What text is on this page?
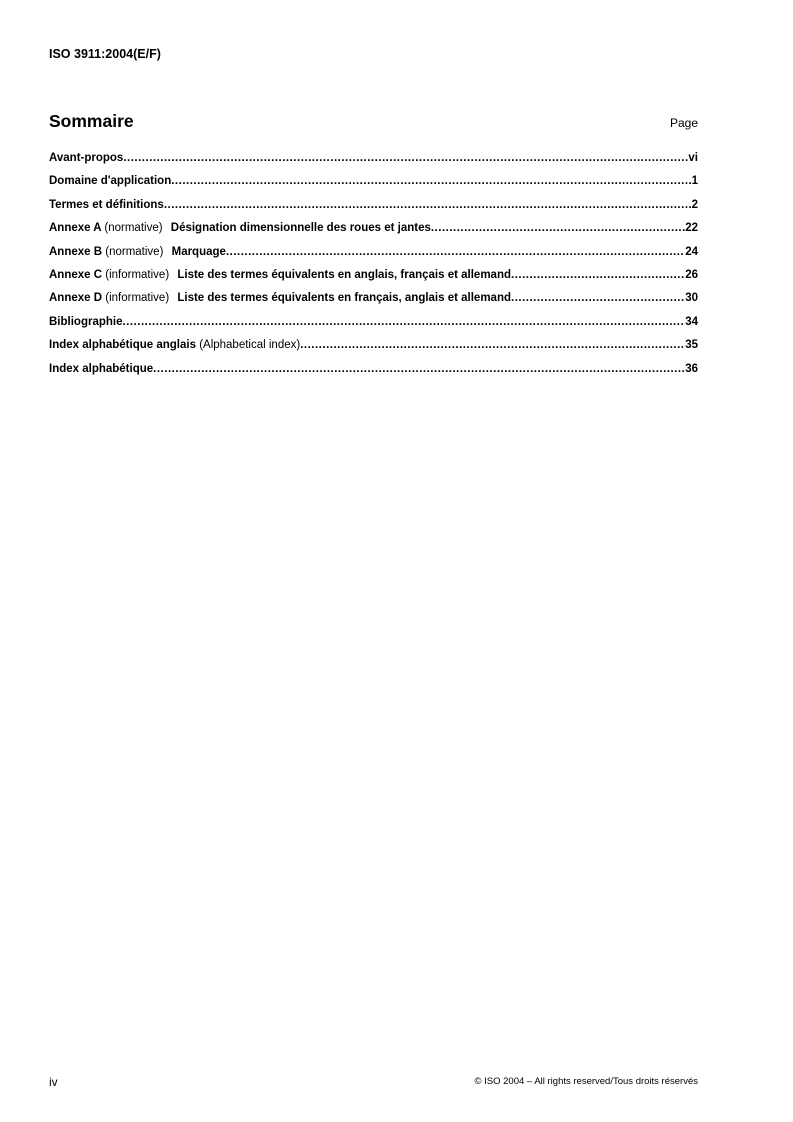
ISO 3911:2004(E/F)
Sommaire	Page
Avant-propos .....	vi
Domaine d'application .....	1
Termes et définitions .....	2
Annexe A (normative) Désignation dimensionnelle des roues et jantes .....	22
Annexe B (normative) Marquage .....	24
Annexe C (informative) Liste des termes équivalents en anglais, français et allemand .....	26
Annexe D (informative) Liste des termes équivalents en français, anglais et allemand .....	30
Bibliographie .....	34
Index alphabétique anglais (Alphabetical index) .....	35
Index alphabétique .....	36
iv	© ISO 2004 – All rights reserved/Tous droits réservés
